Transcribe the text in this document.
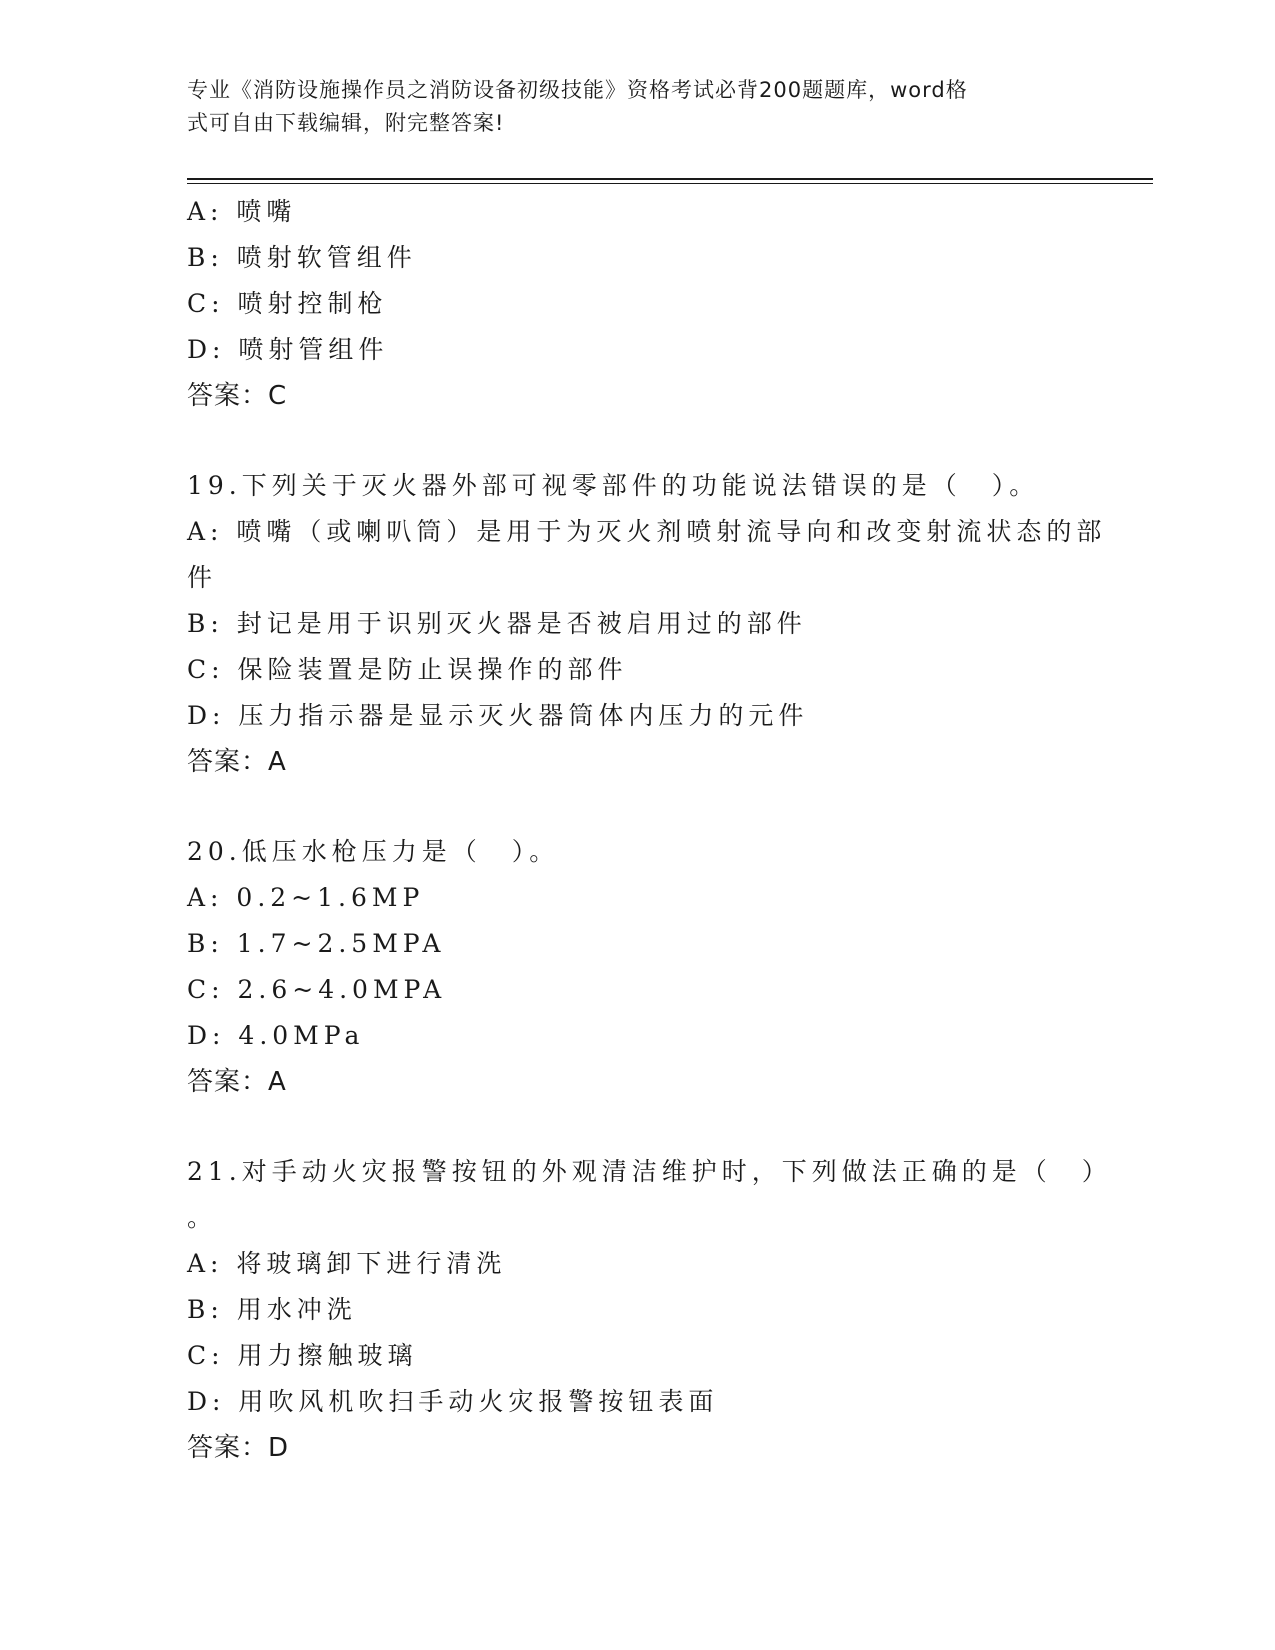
专业《消防设施操作员之消防设备初级技能》资格考试必背200题题库，word格
式可自由下载编辑，附完整答案!
A: 喷嘴
B: 喷射软管组件
C: 喷射控制枪
D: 喷射管组件
答案：C
19.下列关于灭火器外部可视零部件的功能说法错误的是（　）。
A: 喷嘴（或喇叭筒）是用于为灭火剂喷射流导向和改变射流状态的部
件
B: 封记是用于识别灭火器是否被启用过的部件
C: 保险装置是防止误操作的部件
D: 压力指示器是显示灭火器筒体内压力的元件
答案：A
20.低压水枪压力是（　）。
A: 0.2~1.6MP
B: 1.7~2.5MPA
C: 2.6~4.0MPA
D: 4.0MPa
答案：A
21.对手动火灾报警按钮的外观清洁维护时，下列做法正确的是（　）
。
A: 将玻璃卸下进行清洗
B: 用水冲洗
C: 用力擦触玻璃
D: 用吹风机吹扫手动火灾报警按钮表面
答案：D
